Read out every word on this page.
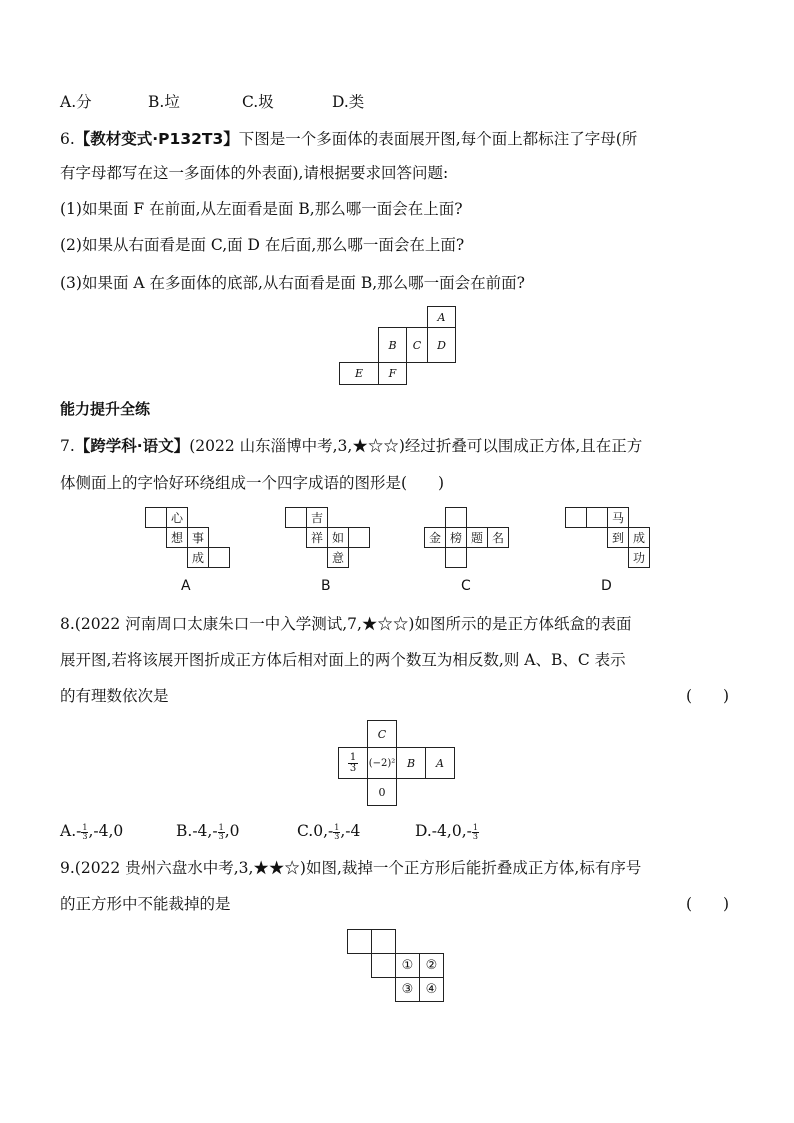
A.分	B.垃	C.圾	D.类
6.【教材变式·P132T3】下图是一个多面体的表面展开图,每个面上都标注了字母(所
有字母都写在这一多面体的外表面),请根据要求回答问题:
(1)如果面 F 在前面,从左面看是面 B,那么哪一面会在上面?
(2)如果从右面看是面 C,面 D 在后面,那么哪一面会在上面?
(3)如果面 A 在多面体的底部,从右面看是面 B,那么哪一面会在前面?
A
B	C	D
E	F
能力提升全练
7.【跨学科·语文】(2022 山东淄博中考,3,★☆☆)经过折叠可以围成正方体,且在正方
体侧面上的字恰好环绕组成一个四字成语的图形是(　　)
心
想 事
成
A
吉
祥 如
意
B
金 榜 题 名
C
马
到 成
功
D
8.(2022 河南周口太康朱口一中入学测试,7,★☆☆)如图所示的是正方体纸盒的表面
展开图,若将该展开图折成正方体后相对面上的两个数互为相反数,则 A、B、C 表示
的有理数依次是	(　　)
C
$\frac{1}{3} (-2)^2$	B	A
0
$A.- \frac{1}{3} ,-4,0$	$B.-4,- \frac{1}{3} ,0$	$C.0,- \frac{1}{3} ,-4$	$D.-4,0,- \frac{1}{3}$
9.(2022 贵州六盘水中考,3,★★☆)如图,裁掉一个正方形后能折叠成正方体,标有序号
的正方形中不能裁掉的是	(　　)
① ②
③ ④
